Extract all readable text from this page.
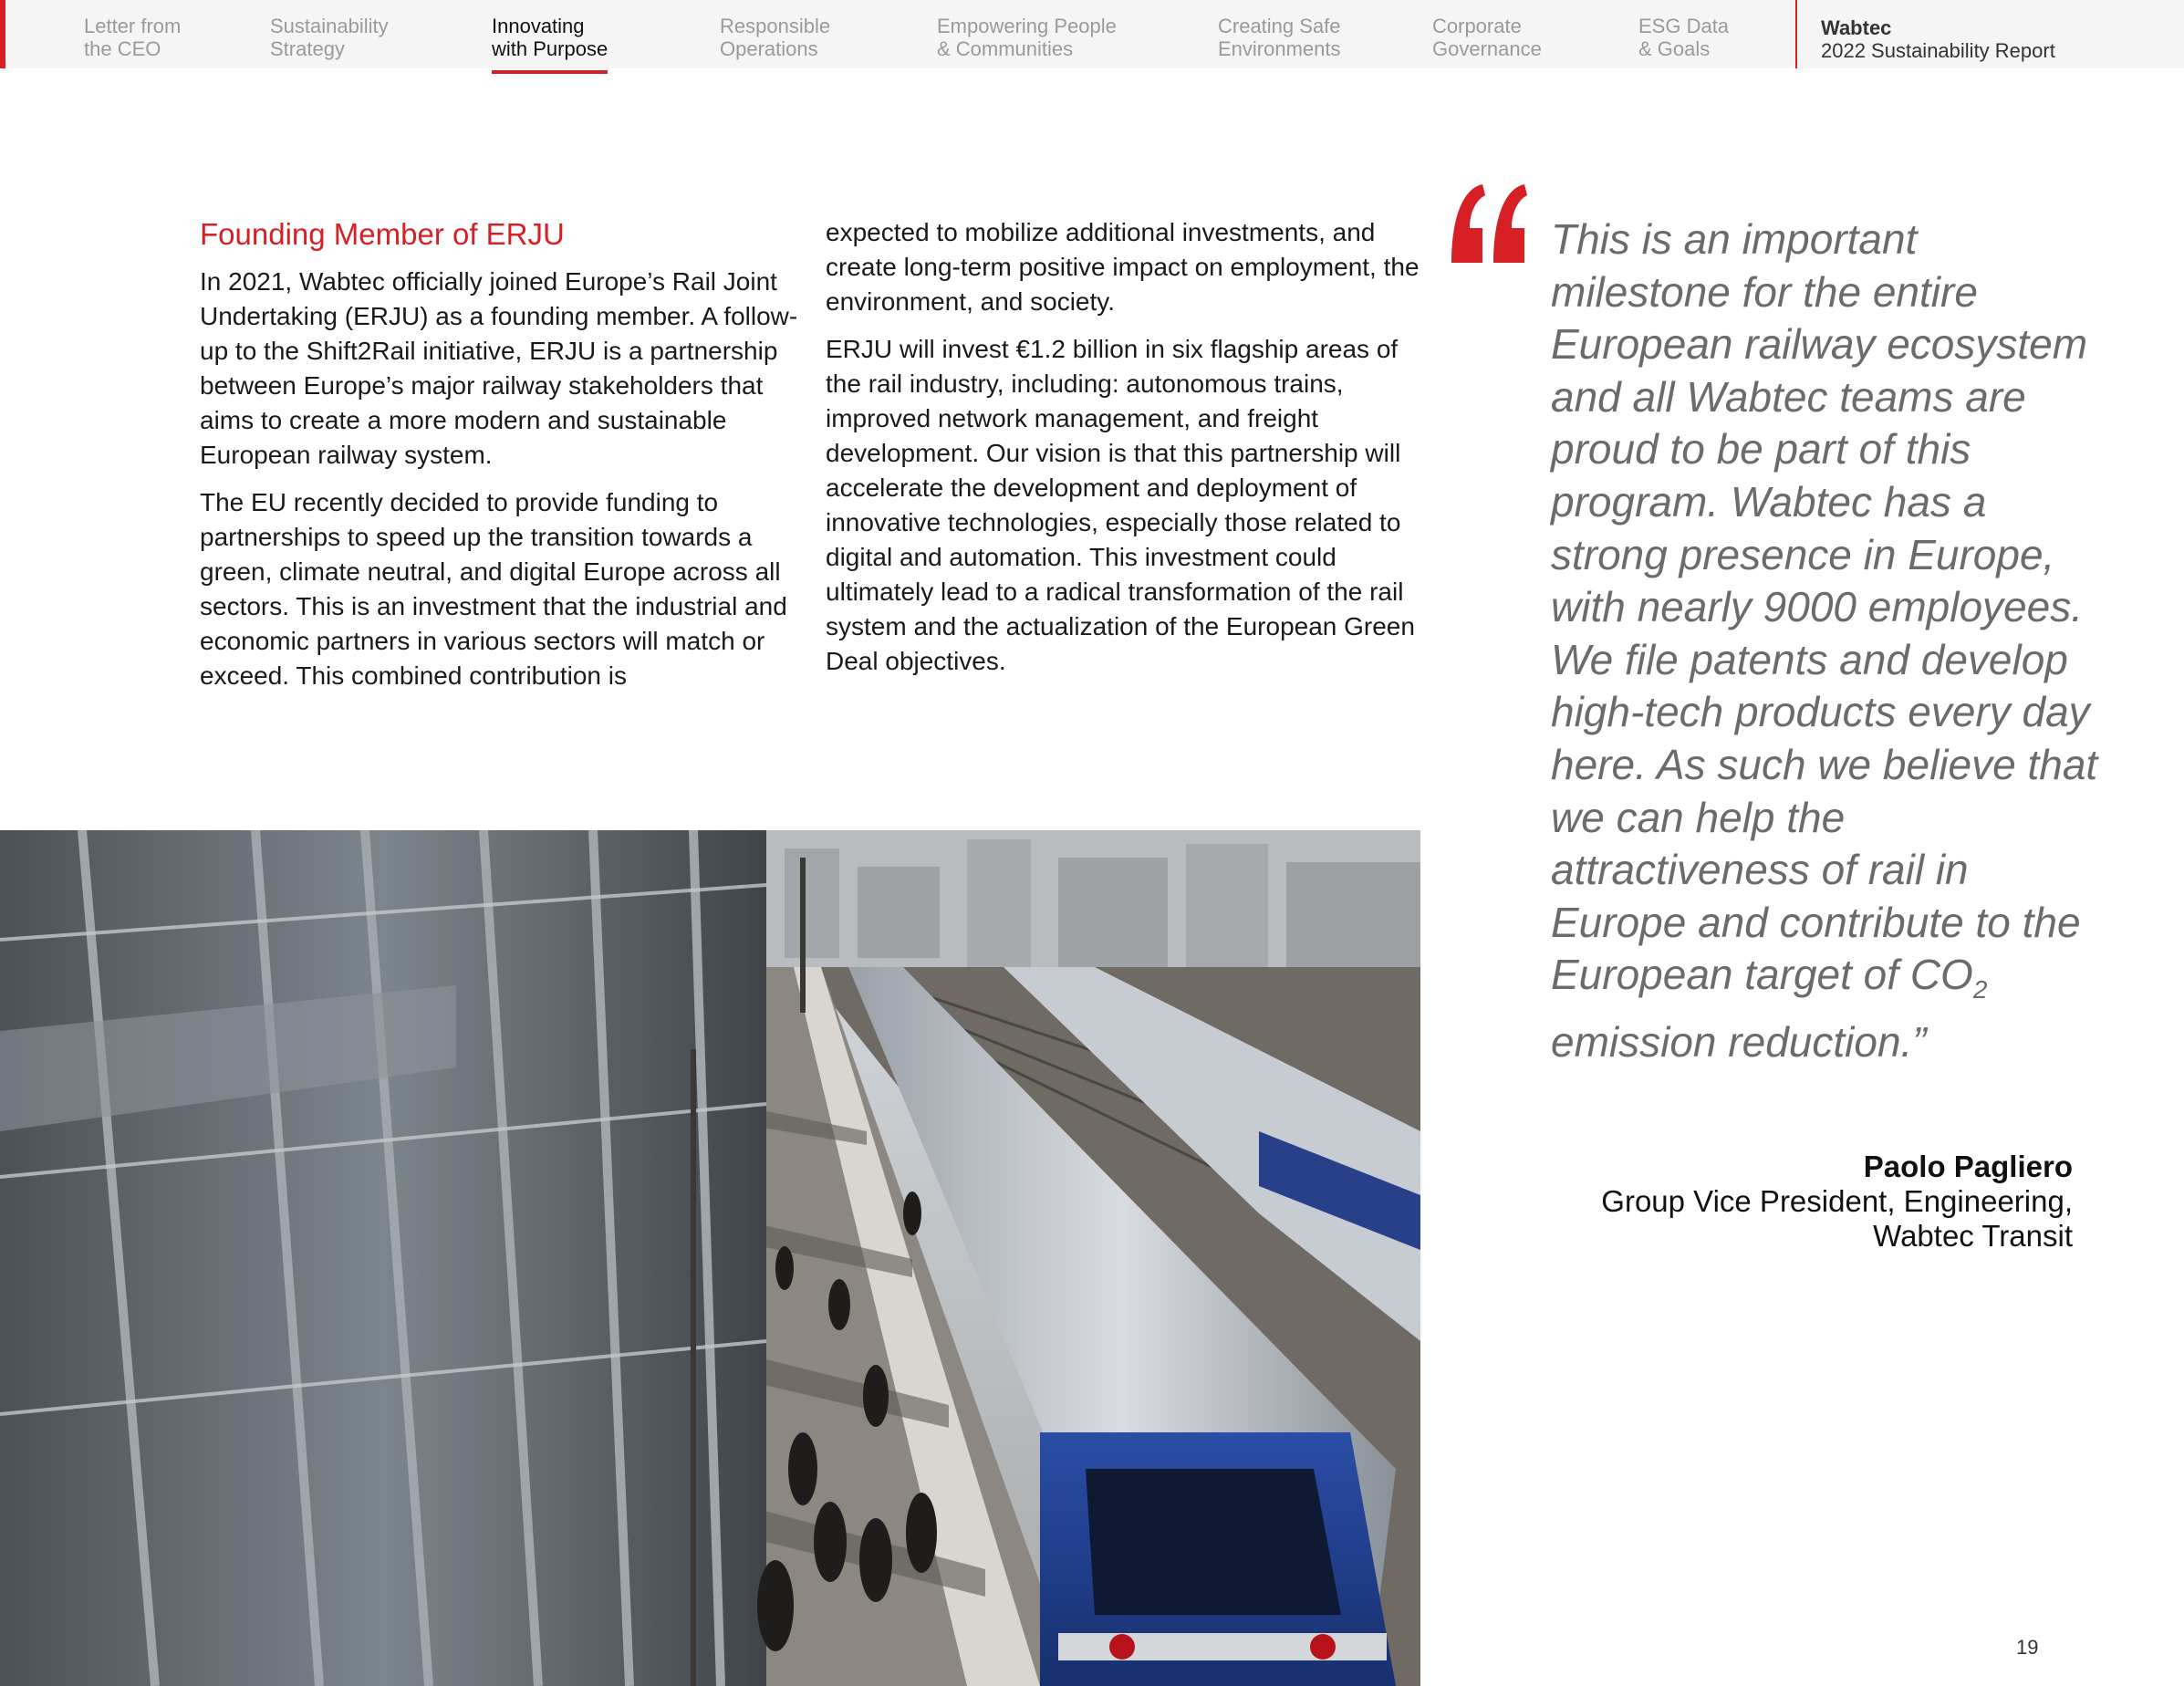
Letter from
the CEO
Sustainability
Strategy
Innovating
with Purpose
Responsible
Operations
Empowering People
& Communities
Creating Safe
Environments
Corporate
Governance
ESG Data
& Goals
Wabtec
2022 Sustainability Report
Founding Member of ERJU

In 2021, Wabtec officially joined Europe’s Rail Joint Undertaking (ERJU) as a founding member. A follow-up to the Shift2Rail initiative, ERJU is a partnership between Europe’s major railway stakeholders that aims to create a more modern and sustainable European railway system.

The EU recently decided to provide funding to partnerships to speed up the transition towards a green, climate neutral, and digital Europe across all sectors. This is an investment that the industrial and economic partners in various sectors will match or exceed. This combined contribution is

expected to mobilize additional investments, and create long-term positive impact on employment, the environment, and society.

ERJU will invest €1.2 billion in six flagship areas of the rail industry, including: autonomous trains, improved network management, and freight development. Our vision is that this partnership will accelerate the development and deployment of innovative technologies, especially those related to digital and automation. This investment could ultimately lead to a radical transformation of the rail system and the actualization of the European Green Deal objectives.

This is an important milestone for the entire European railway ecosystem and all Wabtec teams are proud to be part of this program. Wabtec has a strong presence in Europe, with nearly 9000 employees. We file patents and develop high-tech products every day here. As such we believe that we can help the attractiveness of rail in Europe and contribute to the European target of $CO_2$ emission reduction.”

Paolo Pagliero
Group Vice President, Engineering,
Wabtec Transit
19
